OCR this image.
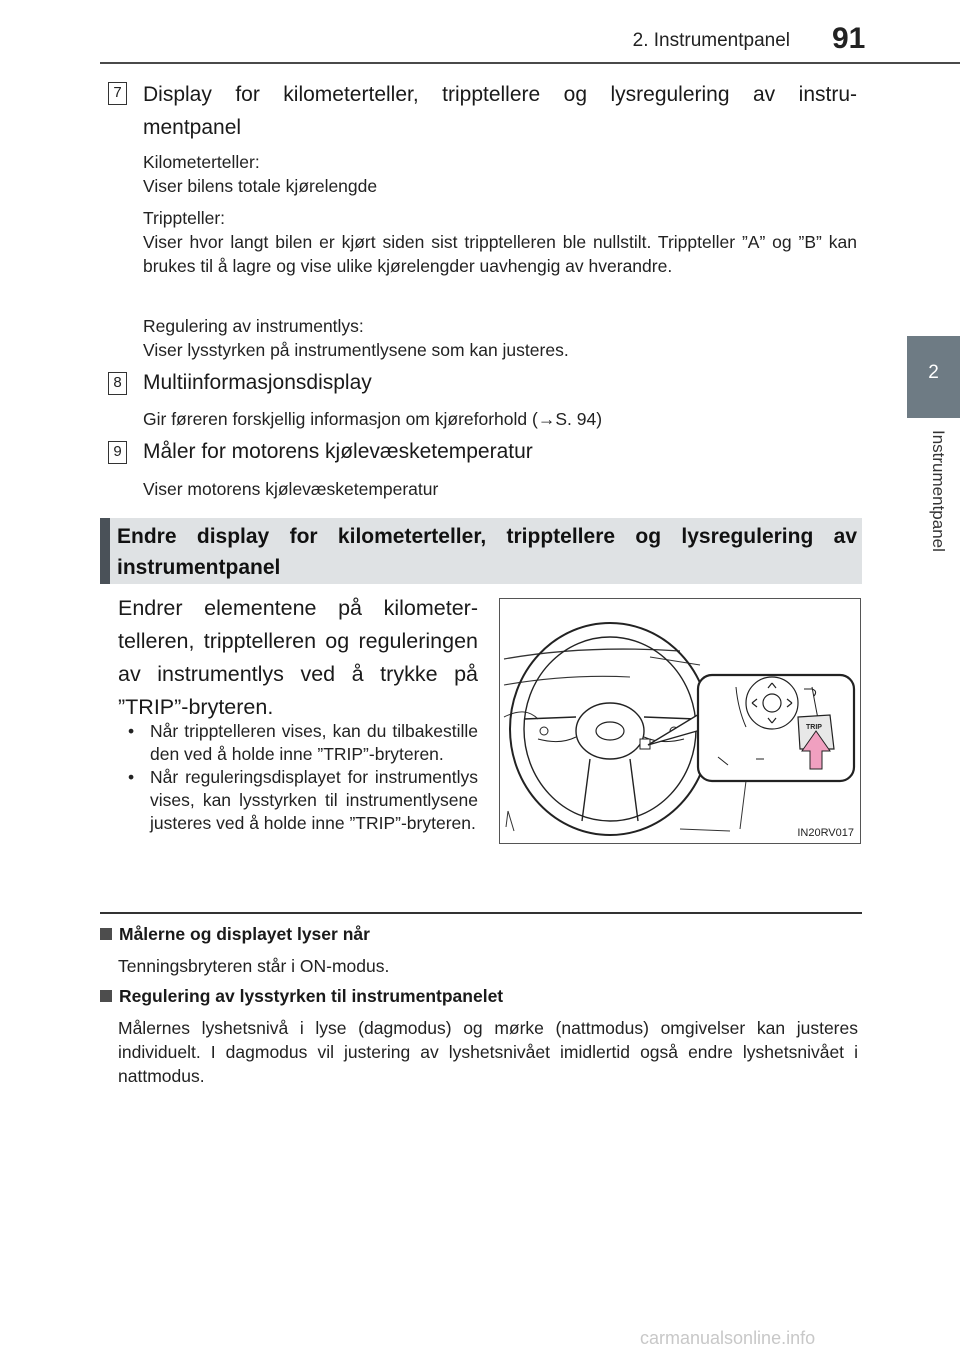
2. Instrumentpanel 91
2
Instrumentpanel
7 Display for kilometerteller, tripptellere og lysregulering av instru-
mentpanel
Kilometerteller:
Viser bilens totale kjørelengde
Trippteller:
Viser hvor langt bilen er kjørt siden sist tripptelleren ble nullstilt. Trippteller ”A” og ”B” kan brukes til å lagre og vise ulike kjørelengder uavhengig av hverandre.
Regulering av instrumentlys:
Viser lysstyrken på instrumentlysene som kan justeres.
8 Multiinformasjonsdisplay
Gir føreren forskjellig informasjon om kjøreforhold (→S. 94)
9 Måler for motorens kjølevæsketemperatur
Viser motorens kjølevæsketemperatur
Endre display for kilometerteller, tripptellere og lysregulering av
instrumentpanel
Endrer elementene på kilometertelleren, tripptelleren og reguleringen av instrumentlys ved å trykke på ”TRIP”-bryteren.
• Når tripptelleren vises, kan du tilbakestille den ved å holde inne ”TRIP”-bryteren.
• Når reguleringsdisplayet for instrumentlys vises, kan lysstyrken til instrumentlysene justeres ved å holde inne ”TRIP”-bryteren.
TRIP
IN20RV017
Målerne og displayet lyser når
Tenningsbryteren står i ON-modus.
Regulering av lysstyrken til instrumentpanelet
Målernes lyshetsnivå i lyse (dagmodus) og mørke (nattmodus) omgivelser kan justeres individuelt. I dagmodus vil justering av lyshetsnivået imidlertid også endre lyshetsnivået i nattmodus.
carmanualsonline.info
